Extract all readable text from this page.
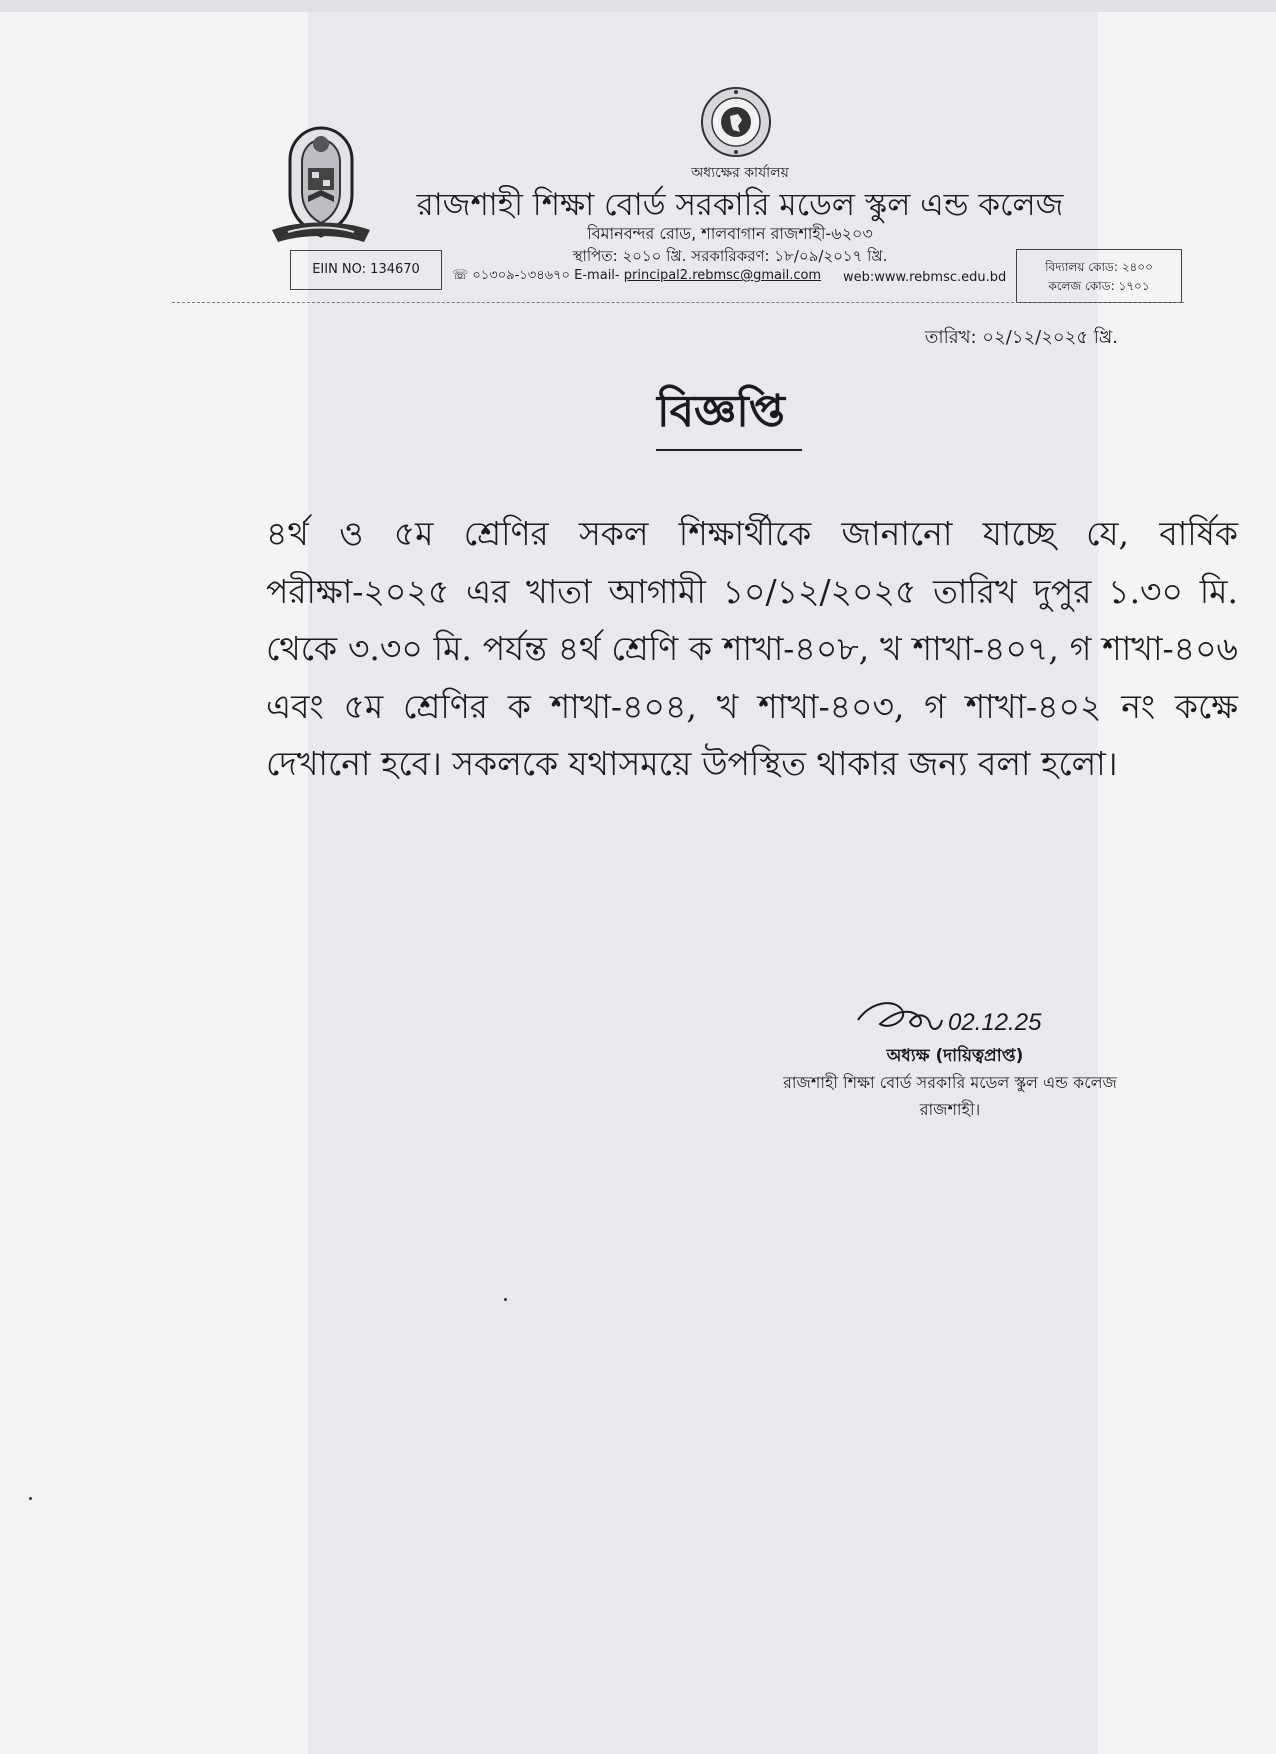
অধ্যক্ষের কার্যালয়
রাজশাহী শিক্ষা বোর্ড সরকারি মডেল স্কুল এন্ড কলেজ
বিমানবন্দর রোড, শালবাগান রাজশাহী-৬২০৩
স্থাপিত: ২০১০ খ্রি. সরকারিকরণ: ১৮/০৯/২০১৭ খ্রি.
EIIN NO: 134670	☏ ০১৩০৯-১৩৪৬৭০ E-mail- principal2.rebmsc@gmail.com	web:www.rebmsc.edu.bd
বিদ্যালয় কোড: ২৪০০
কলেজ কোড: ১৭০১
তারিখ: ০২/১২/২০২৫ খ্রি.
বিজ্ঞপ্তি
৪র্থ ও ৫ম শ্রেণির সকল শিক্ষার্থীকে জানানো যাচ্ছে যে, বার্ষিক পরীক্ষা-২০২৫ এর খাতা আগামী ১০/১২/২০২৫ তারিখ দুপুর ১.৩০ মি. থেকে ৩.৩০ মি. পর্যন্ত ৪র্থ শ্রেণি ক শাখা-৪০৮, খ শাখা-৪০৭, গ শাখা-৪০৬ এবং ৫ম শ্রেণির ক শাখা-৪০৪, খ শাখা-৪০৩, গ শাখা-৪০২ নং কক্ষে দেখানো হবে। সকলকে যথাসময়ে উপস্থিত থাকার জন্য বলা হলো।
02.12.25
অধ্যক্ষ (দায়িত্বপ্রাপ্ত)
রাজশাহী শিক্ষা বোর্ড সরকারি মডেল স্কুল এন্ড কলেজ
রাজশাহী।
